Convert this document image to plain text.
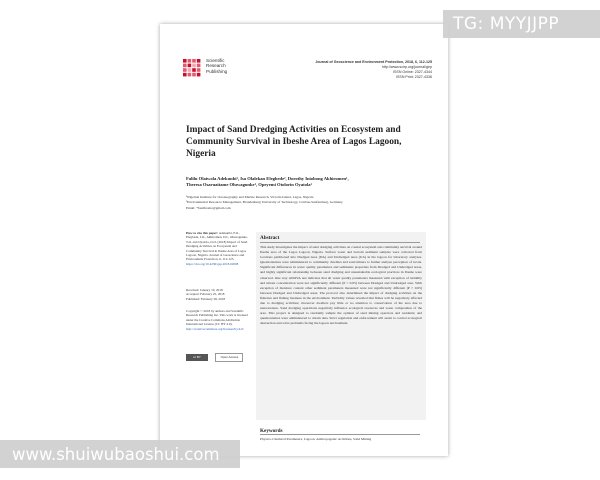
Scientific
Research
Publishing
Journal of Geoscience and Environment Protection, 2018, 6, 112-125
http://www.scirp.org/journal/gep
ISSN Online: 2327-4344
ISSN Print: 2327-4336
Impact of Sand Dredging Activities on Ecosystem and Community Survival in Ibeshe Area of Lagos Lagoon, Nigeria
Falilu Olaiwola Adekunbi¹, Isa Olalekan Elegbede², Dorothy Iniobong Akhiromen¹,
Theresa Osaruaitame Oluwagunke¹, Opeyemi Otolorin Oyatola¹
¹Nigerian Institute for Oceanography and Marine Research, Victoria Island, Lagos, Nigeria
²Environmental Resource Management, Brandenburg University of Technology, Cottbus-Senftenberg, Germany
Email: *fasilfreshc@gmail.com
How to cite this paper: Adekunbi, F.O., Elegbede, I.O., Akhiromen, D.I., Oluwagunke, T.O. and Oyatola, O.O. (2018) Impact of Sand Dredging Activities on Ecosystem and Community Survival in Ibeshe Area of Lagos Lagoon, Nigeria. Journal of Geoscience and Environment Protection, 6, 112-125.
https://doi.org/10.4236/gep.2018.62008
Received: January 10, 2018
Accepted: February 25, 2018
Published: February 28, 2018
Copyright © 2018 by authors and Scientific Research Publishing Inc. This work is licensed under the Creative Commons Attribution International License (CC BY 4.0).
http://creativecommons.org/licenses/by/4.0/
cc BY	Open Access
Abstract
This study investigates the impact of sand dredging activities on coastal ecosystem and community survival around Ibeshe area of the Lagos Lagoon, Nigeria. Surface water and bottom sediment samples were collected from locations partitioned into Dredged Area (DA) and Undredged Area (UA) in the lagoon for laboratory analyses. Questionnaires were administered to community dwellers and sand miners to further analyze perception of locals. Significant differences in water quality parameters and sediments properties from Dredged and Undredged areas, and highly significant relationship between sand dredging and unsustainable ecological practices in Ibeshe were observed. One way ANOVA test indicates that all water quality parameters measured with exception of turbidity and nitrate concentration were not significantly different (P > 0.05) between Dredged and Undredged area. With exception of moisture content other sediment parameters measured were not significantly different (P > 0.05) between Dredged and Undredged areas. The protocol also determined the impact of dredging activities on the fisheries and fishing business in the environment. Turbidity values revealed that fishes will be negatively affected due to dredging activities; moreover dwellers pay little or no attention to conservation of the area due to unawareness. Sand dredging operations negatively influence ecological resources and water composition of the area. This project is designed to randomly sample the opinion of sand mining operators and residents; and questionnaires were administered to obtain data. Strict regulation and enforcement will assist to control ecological destruction and solve problems facing the lagoon environment.
Keywords
Physico-Chemical Parameters, Lagoon, Anthropogenic Activities, Sand Mining
TG: MYYJJPP
www.shuiwubaoshui.com
